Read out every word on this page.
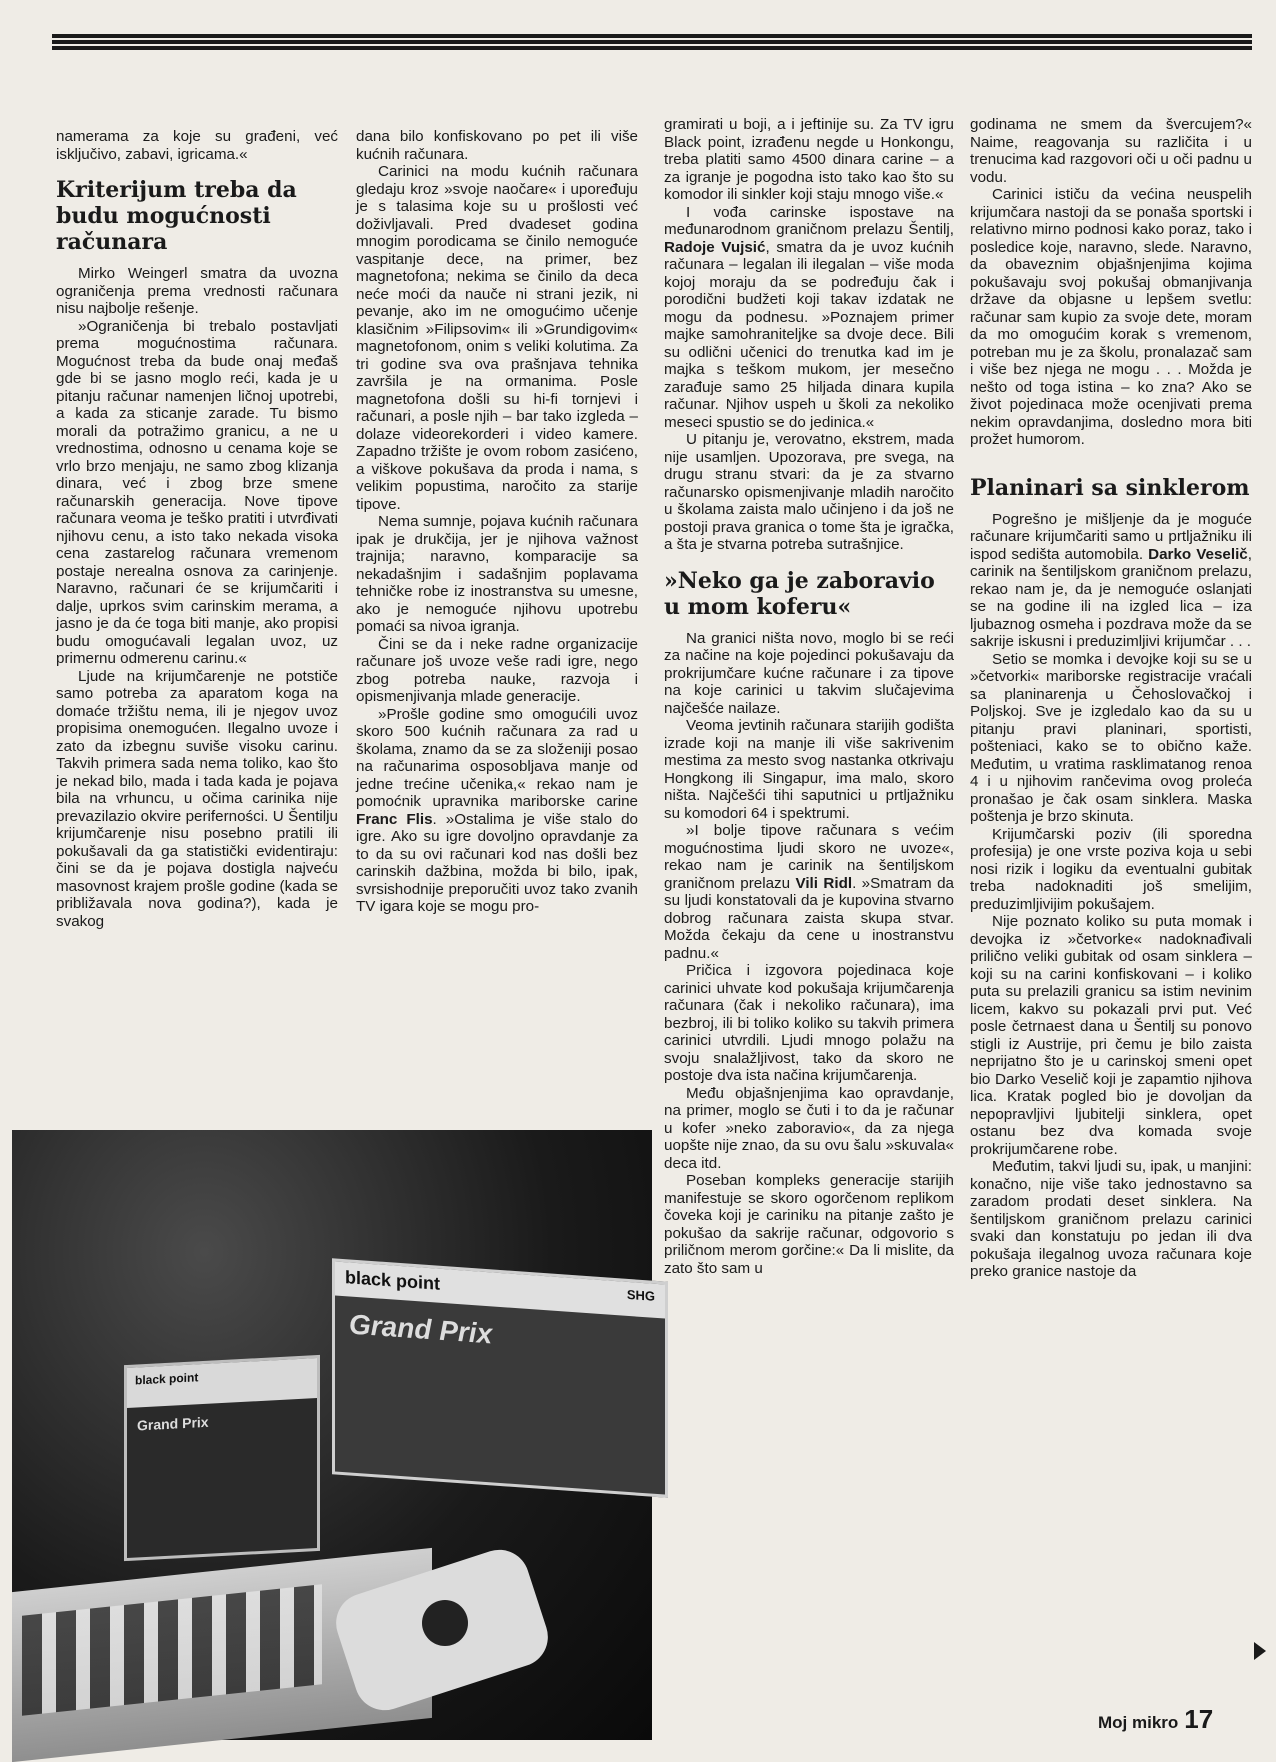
namerama za koje su građeni, već isključivo, zabavi, igricama.«

Kriterijum treba da budu mogućnosti računara

Mirko Weingerl smatra da uvozna ograničenja prema vrednosti računara nisu najbolje rešenje.

»Ograničenja bi trebalo postavljati prema mogućnostima računara. Mogućnost treba da bude onaj međaš gde bi se jasno moglo reći, kada je u pitanju računar namenjen ličnoj upotrebi, a kada za sticanje zarade. Tu bismo morali da potražimo granicu, a ne u vrednostima, odnosno u cenama koje se vrlo brzo menjaju, ne samo zbog klizanja dinara, već i zbog brze smene računarskih generacija. Nove tipove računara veoma je teško pratiti i utvrđivati njihovu cenu, a isto tako nekada visoka cena zastarelog računara vremenom postaje nerealna osnova za carinjenje. Naravno, računari će se krijumčariti i dalje, uprkos svim carinskim merama, a jasno je da će toga biti manje, ako propisi budu omogućavali legalan uvoz, uz primernu odmerenu carinu.«

Ljude na krijumčarenje ne potstiče samo potreba za aparatom koga na domaće tržištu nema, ili je njegov uvoz propisima onemogućen. Ilegalno uvoze i zato da izbegnu suviše visoku carinu. Takvih primera sada nema toliko, kao što je nekad bilo, mada i tada kada je pojava bila na vrhuncu, u očima carinika nije prevazilazio okvire periferności. U Šentilju krijumčarenje nisu posebno pratili ili pokušavali da ga statistički evidentiraju: čini se da je pojava dostigla najveću masovnost krajem prošle godine (kada se približavala nova godina?), kada je svakog

dana bilo konfiskovano po pet ili više kućnih računara.

Carinici na modu kućnih računara gledaju kroz »svoje naočare« i upoređuju je s talasima koje su u prošlosti već doživljavali. Pred dvadeset godina mnogim porodicama se činilo nemoguće vaspitanje dece, na primer, bez magnetofona; nekima se činilo da deca neće moći da nauče ni strani jezik, ni pevanje, ako im ne omogućimo učenje klasičnim »Filipsovim« ili »Grundigovim« magnetofonom, onim s veliki kolutima. Za tri godine sva ova prašnjava tehnika završila je na ormanima. Posle magnetofona došli su hi-fi tornjevi i računari, a posle njih – bar tako izgleda – dolaze videorekorderi i video kamere. Zapadno tržište je ovom robom zasićeno, a viškove pokušava da proda i nama, s velikim popustima, naročito za starije tipove.

Nema sumnje, pojava kućnih računara ipak je drukčija, jer je njihova važnost trajnija; naravno, komparacije sa nekadašnjim i sadašnjim poplavama tehničke robe iz inostranstva su umesne, ako je nemoguće njihovu upotrebu pomaći sa nivoa igranja.

Čini se da i neke radne organizacije računare još uvoze veše radi igre, nego zbog potreba nauke, razvoja i opismenjivanja mlade generacije.

»Prošle godine smo omogućili uvoz skoro 500 kućnih računara za rad u školama, znamo da se za složeniji posao na računarima osposobljava manje od jedne trećine učenika,« rekao nam je pomoćnik upravnika mariborske carine Franc Flis. »Ostalima je više stalo do igre. Ako su igre dovoljno opravdanje za to da su ovi računari kod nas došli bez carinskih dažbina, možda bi bilo, ipak, svrsishodnije preporučiti uvoz tako zvanih TV igara koje se mogu pro-

gramirati u boji, a i jeftinije su. Za TV igru Black point, izrađenu negde u Honkongu, treba platiti samo 4500 dinara carine – a za igranje je pogodna isto tako kao što su komodor ili sinkler koji staju mnogo više.«

I vođa carinske ispostave na međunarodnom graničnom prelazu Šentilj, Radoje Vujsić, smatra da je uvoz kućnih računara – legalan ili ilegalan – više moda kojoj moraju da se podređuju čak i porodični budžeti koji takav izdatak ne mogu da podnesu. »Poznajem primer majke samohraniteljke sa dvoje dece. Bili su odlični učenici do trenutka kad im je majka s teškom mukom, jer mesečno zarađuje samo 25 hiljada dinara kupila računar. Njihov uspeh u školi za nekoliko meseci spustio se do jedinica.«

U pitanju je, verovatno, ekstrem, mada nije usamljen. Upozorava, pre svega, na drugu stranu stvari: da je za stvarno računarsko opismenjivanje mladih naročito u školama zaista malo učinjeno i da još ne postoji prava granica o tome šta je igračka, a šta je stvarna potreba sutrašnjice.

»Neko ga je zaboravio u mom koferu«

Na granici ništa novo, moglo bi se reći za načine na koje pojedinci pokušavaju da prokrijumčare kućne računare i za tipove na koje carinici u takvim slučajevima najčešće nailaze.

Veoma jevtinih računara starijih godišta izrade koji na manje ili više sakrivenim mestima za mesto svog nastanka otkrivaju Hongkong ili Singapur, ima malo, skoro ništa. Najčešći tihi saputnici u prtljažniku su komodori 64 i spektrumi.

»I bolje tipove računara s većim mogućnostima ljudi skoro ne uvoze«, rekao nam je carinik na šentiljskom graničnom prelazu Vili Ridl. »Smatram da su ljudi konstatovali da je kupovina stvarno dobrog računara zaista skupa stvar. Možda čekaju da cene u inostranstvu padnu.«

Pričica i izgovora pojedinaca koje carinici uhvate kod pokušaja krijumčarenja računara (čak i nekoliko računara), ima bezbroj, ili bi toliko koliko su takvih primera carinici utvrdili. Ljudi mnogo polažu na svoju snalažljivost, tako da skoro ne postoje dva ista načina krijumčarenja.

Među objašnjenjima kao opravdanje, na primer, moglo se čuti i to da je računar u kofer »neko zaboravio«, da za njega uopšte nije znao, da su ovu šalu »skuvala« deca itd.

Poseban kompleks generacije starijih manifestuje se skoro ogorčenom replikom čoveka koji je cariniku na pitanje zašto je pokušao da sakrije računar, odgovorio s priličnom merom gorčine:« Da li mislite, da zato što sam u

godinama ne smem da švercujem?« Naime, reagovanja su različita i u trenucima kad razgovori oči u oči padnu u vodu.

Carinici ističu da većina neuspelih krijumčara nastoji da se ponaša sportski i relativno mirno podnosi kako poraz, tako i posledice koje, naravno, slede. Naravno, da obaveznim objašnjenjima kojima pokušavaju svoj pokušaj obmanjivanja države da objasne u lepšem svetlu: računar sam kupio za svoje dete, moram da mo omogućim korak s vremenom, potreban mu je za školu, pronalazač sam i više bez njega ne mogu . . . Možda je nešto od toga istina – ko zna? Ako se život pojedinaca može ocenjivati prema nekim opravdanjima, dosledno mora biti prožet humorom.

Planinari sa sinklerom

Pogrešno je mišljenje da je moguće računare krijumčariti samo u prtljažniku ili ispod sedišta automobila. Darko Veselič, carinik na šentiljskom graničnom prelazu, rekao nam je, da je nemoguće oslanjati se na godine ili na izgled lica – iza ljubaznog osmeha i pozdrava može da se sakrije iskusni i preduzimljivi krijumčar . . .

Setio se momka i devojke koji su se u »četvorki« mariborske registracije vraćali sa planinarenja u Čehoslovačkoj i Poljskoj. Sve je izgledalo kao da su u pitanju pravi planinari, sportisti, pošteniaci, kako se to obično kaže. Međutim, u vratima rasklimatanog renoa 4 i u njihovim rančevima ovog proleća pronašao je čak osam sinklera. Maska poštenja je brzo skinuta.

Krijumčarski poziv (ili sporedna profesija) je one vrste poziva koja u sebi nosi rizik i logiku da eventualni gubitak treba nadoknaditi još smelijim, preduzimljivijim pokušajem.

Nije poznato koliko su puta momak i devojka iz »četvorke« nadoknađivali prilično veliki gubitak od osam sinklera – koji su na carini konfiskovani – i koliko puta su prelazili granicu sa istim nevinim licem, kakvo su pokazali prvi put. Već posle četrnaest dana u Šentilj su ponovo stigli iz Austrije, pri čemu je bilo zaista neprijatno što je u carinskoj smeni opet bio Darko Veselič koji je zapamtio njihova lica. Kratak pogled bio je dovoljan da nepopravljivi ljubitelji sinklera, opet ostanu bez dva komada svoje prokrijumčarene robe.

Međutim, takvi ljudi su, ipak, u manjini: konačno, nije više tako jednostavno sa zaradom prodati deset sinklera. Na šentiljskom graničnom prelazu carinici svaki dan konstatuju po jedan ili dva pokušaja ilegalnog uvoza računara koje preko granice nastoje da

black point
SHG
Grand Prix
black point
Grand Prix
Moj mikro 17
